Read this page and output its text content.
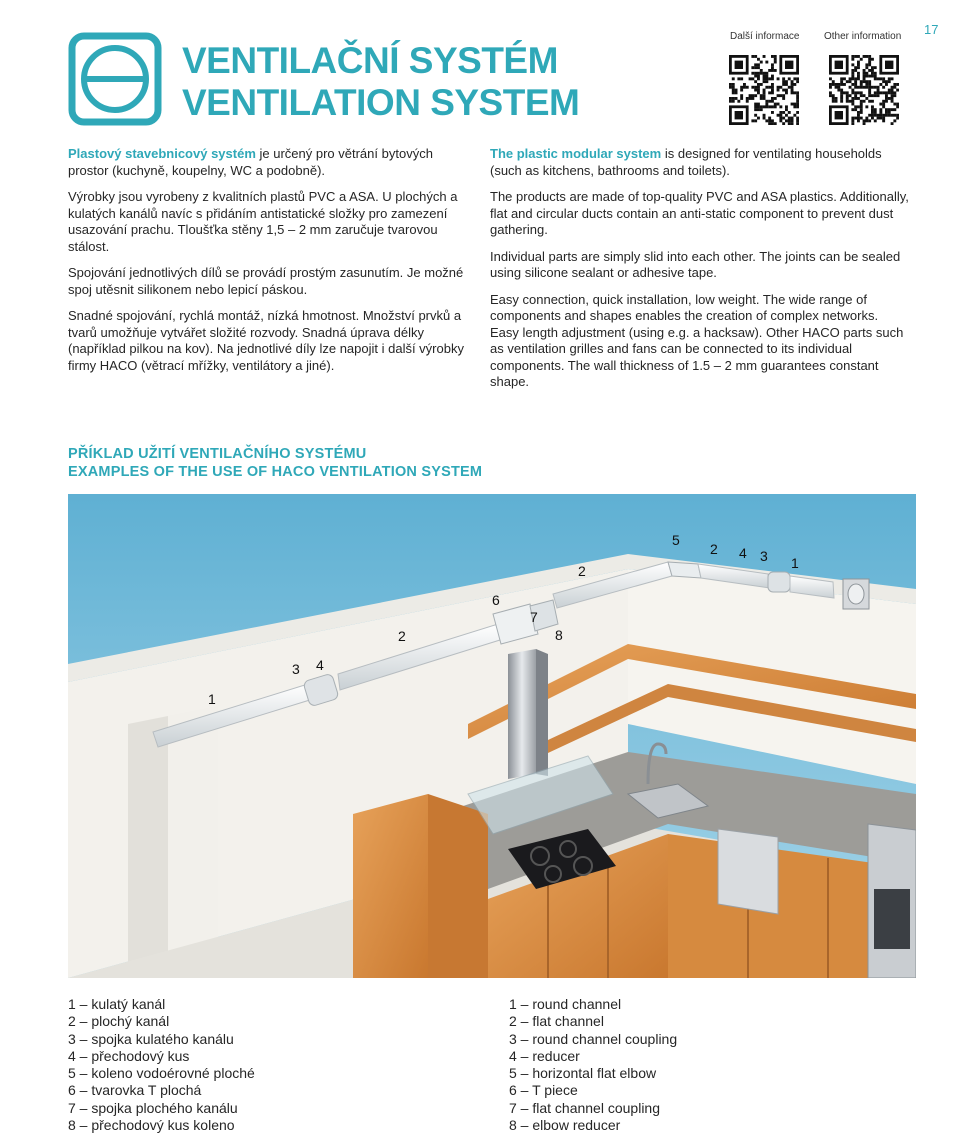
17
VENTILAČNÍ SYSTÉM
VENTILATION SYSTEM
Další informace Other information

Plastový stavebnicový systém je určený pro větrání bytových prostor (kuchyně, koupelny, WC a podobně).

Výrobky jsou vyrobeny z kvalitních plastů PVC a ASA. U plochých a kulatých kanálů navíc s přidáním antistatické složky pro zamezení usazování prachu. Tloušťka stěny 1,5 – 2 mm zaručuje tvarovou stálost.

Spojování jednotlivých dílů se provádí prostým zasunutím. Je možné spoj utěsnit silikonem nebo lepicí páskou.

Snadné spojování, rychlá montáž, nízká hmotnost. Množství prvků a tvarů umožňuje vytvářet složité rozvody. Snadná úprava délky (například pilkou na kov). Na jednotlivé díly lze napojit i další výrobky firmy HACO (větrací mřížky, ventilátory a jiné).

The plastic modular system is designed for ventilating households (such as kitchens, bathrooms and toilets).

The products are made of top-quality PVC and ASA plastics. Additionally, flat and circular ducts contain an anti-static component to prevent dust gathering.

Individual parts are simply slid into each other. The joints can be sealed using silicone sealant or adhesive tape.

Easy connection, quick installation, low weight. The wide range of components and shapes enables the creation of complex networks. Easy length adjustment (using e.g. a hacksaw). Other HACO parts such as ventilation grilles and fans can be connected to its individual components. The wall thickness of 1.5 – 2 mm guarantees constant shape.

PŘÍKLAD UŽITÍ VENTILAČNÍHO SYSTÉMU
EXAMPLES OF THE USE OF HACO VENTILATION SYSTEM
1
3 4
2
6
7
8
2
5
2 4 3 1
1 – kulatý kanál
2 – plochý kanál
3 – spojka kulatého kanálu
4 – přechodový kus
5 – koleno vodoérovné ploché
6 – tvarovka T plochá
7 – spojka plochého kanálu
8 – přechodový kus koleno
1 – round channel
2 – flat channel
3 – round channel coupling
4 – reducer
5 – horizontal flat elbow
6 – T piece
7 – flat channel coupling
8 – elbow reducer
